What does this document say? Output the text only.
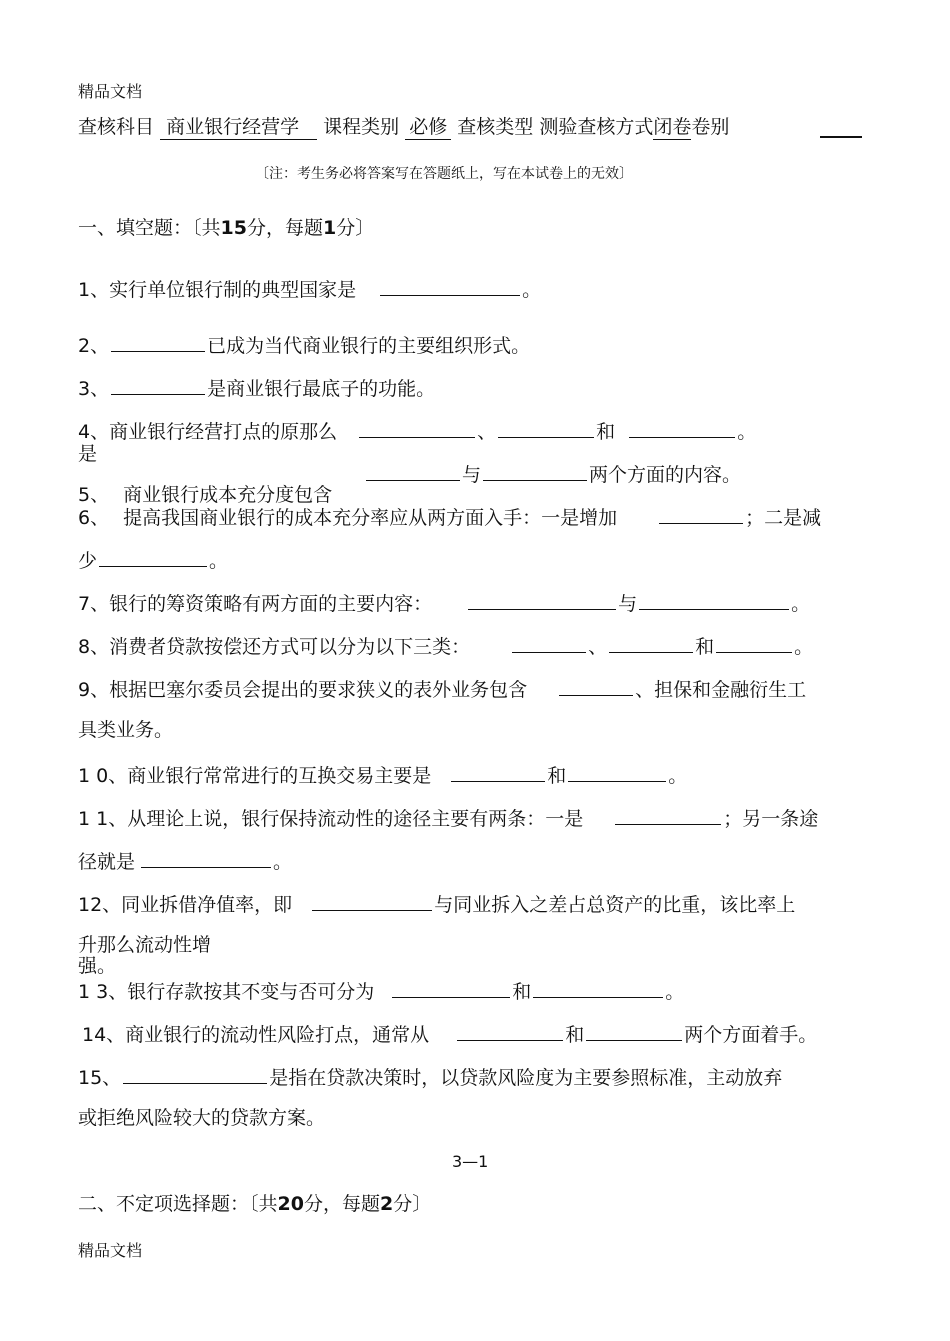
精品文档
查核科目 商业银行经营学 课程类别 必修 查核类型 测验查核方式闭卷卷别
〔注：考生务必将答案写在答题纸上，写在本试卷上的无效〕
一、填空题：〔共15分，每题1分〕
1、实行单位银行制的典型国家是	。
2、	已成为当代商业银行的主要组织形式。
3、	是商业银行最底子的功能。
4、商业银行经营打点的原那么	、	和	。
是
与	两个方面的内容。
5、 商业银行成本充分度包含
6、 提高我国商业银行的成本充分率应从两方面入手：一是增加	；二是减
少	。
7、银行的筹资策略有两方面的主要内容：	与	。
8、消费者贷款按偿还方式可以分为以下三类：	、	和	。
9、根据巴塞尔委员会提出的要求狭义的表外业务包含	、担保和金融衍生工
具类业务。
1 0、商业银行常常进行的互换交易主要是	和	。
1 1、从理论上说，银行保持流动性的途径主要有两条：一是	；另一条途
径就是	。
12、同业拆借净值率，即	与同业拆入之差占总资产的比重，该比率上
升那么流动性增
强。
1 3、银行存款按其不变与否可分为	和	。
14、商业银行的流动性风险打点，通常从	和	两个方面着手。
15、	是指在贷款决策时，以贷款风险度为主要参照标准，主动放弃
或拒绝风险较大的贷款方案。
3—1
二、不定项选择题：〔共20分，每题2分〕
精品文档
